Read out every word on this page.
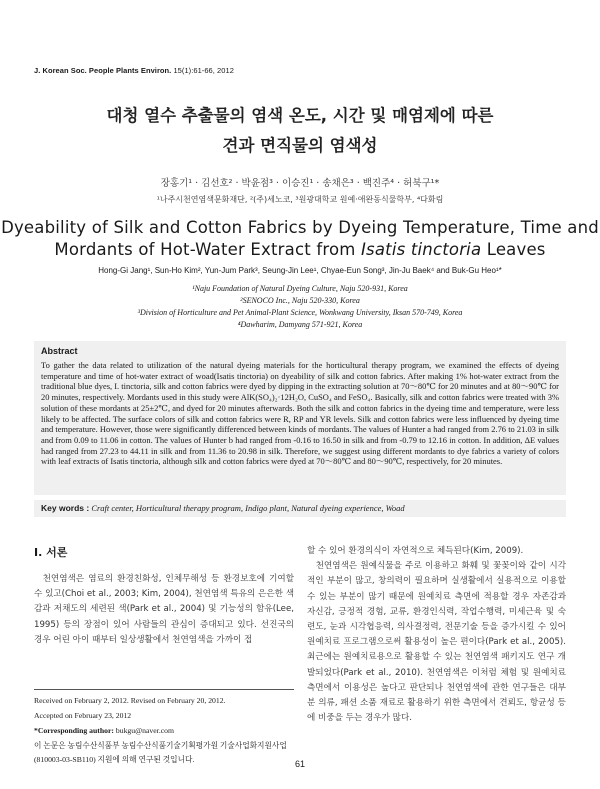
J. Korean Soc. People Plants Environ. 15(1):61-66, 2012
대청 열수 추출물의 염색 온도, 시간 및 매염제에 따른
견과 면직물의 염색성
장홍기¹ · 김선호² · 박윤점³ · 이승진¹ · 송채은³ · 백진주⁴ · 허북구¹*
¹나주시천연염색문화재단, ²(주)세노코, ³원광대학교 원예·애완동식물학부, ⁴다화림
Dyeability of Silk and Cotton Fabrics by Dyeing Temperature, Time and
Mordants of Hot-Water Extract from Isatis tinctoria Leaves
Hong-Gi Jang¹, Sun-Ho Kim², Yun-Jum Park³, Seung-Jin Lee¹, Chyae-Eun Song³, Jin-Ju Baek⁴ and Buk-Gu Heo¹*
¹Naju Foundation of Natural Dyeing Culture, Naju 520-931, Korea
²SENOCO Inc., Naju 520-330, Korea
³Division of Horticulture and Pet Animal-Plant Science, Wonkwang University, Iksan 570-749, Korea
⁴Dawharim, Damyang 571-921, Korea
Abstract
To gather the data related to utilization of the natural dyeing materials for the horticultural therapy program, we examined the effects of dyeing temperature and time of hot-water extract of woad(Isatis tinctoria) on dyeability of silk and cotton fabrics. After making 1% hot-water extract from the traditional blue dyes, I. tinctoria, silk and cotton fabrics were dyed by dipping in the extracting solution at 70～80℃ for 20 minutes and at 80～90℃ for 20 minutes, respectively. Mordants used in this study were AlK(SO₄)₂·12H₂O, CuSO₄ and FeSO₄. Basically, silk and cotton fabrics were treated with 3% solution of these mordants at 25±2℃, and dyed for 20 minutes afterwards. Both the silk and cotton fabrics in the dyeing time and temperature, were less likely to be affected. The surface colors of silk and cotton fabrics were R, RP and YR levels. Silk and cotton fabrics were less influenced by dyeing time and temperature. However, those were significantly differenced between kinds of mordants. The values of Hunter a had ranged from 2.76 to 21.03 in silk and from 0.09 to 11.06 in cotton. The values of Hunter b had ranged from -0.16 to 16.50 in silk and from -0.79 to 12.16 in cotton. In addition, ΔE values had ranged from 27.23 to 44.11 in silk and from 11.36 to 20.98 in silk. Therefore, we suggest using different mordants to dye fabrics a variety of colors with leaf extracts of Isatis tinctoria, although silk and cotton fabrics were dyed at 70～80℃ and 80～90℃, respectively, for 20 minutes.
Key words : Craft center, Horticultural therapy program, Indigo plant, Natural dyeing experience, Woad
Ⅰ. 서론

천연염색은 염료의 환경친화성, 인체무해성 등 환경보호에 기여할 수 있고(Choi et al., 2003; Kim, 2004), 천연염색 특유의 은은한 색감과 저채도의 세련된 색(Park et al., 2004) 및 기능성의 함유(Lee, 1995) 등의 장점이 있어 사람들의 관심이 증대되고 있다. 선진국의 경우 어린 아이 때부터 일상생활에서 천연염색을 가까이 접

Received on February 2, 2012. Revised on February 20, 2012.
Accepted on February 23, 2012
*Corresponding author: bukgu@naver.com
이 논문은 농림수산식품부 농림수산식품기술기획평가원 기술사업화지원사업(810003-03-SB110) 지원에 의해 연구된 것입니다.

할 수 있어 환경의식이 자연적으로 체득된다(Kim, 2009).

천연염색은 원예식물을 주로 이용하고 화훼 및 꽃꽂이와 같이 시각적인 부분이 많고, 창의력이 필요하며 실생활에서 실용적으로 이용할 수 있는 부분이 많기 때문에 원예치료 측면에 적용할 경우 자존감과 자신감, 긍정적 경험, 교류, 환경인식력, 작업수행력, 미세근육 및 숙련도, 눈과 시각협응력, 의사결정력, 전문기술 등을 증가시킬 수 있어 원예치료 프로그램으로써 활용성이 높은 편이다(Park et al., 2005). 최근에는 원예치료용으로 활용할 수 있는 천연염색 패키지도 연구 개발되었다(Park et al., 2010). 천연염색은 이처럼 체험 및 원예치료 측면에서 이용성은 높다고 판단되나 천연염색에 관한 연구들은 대부분 의류, 패션 소품 재료로 활용하기 위한 측면에서 견뢰도, 항균성 등에 비중을 두는 경우가 많다.

61
